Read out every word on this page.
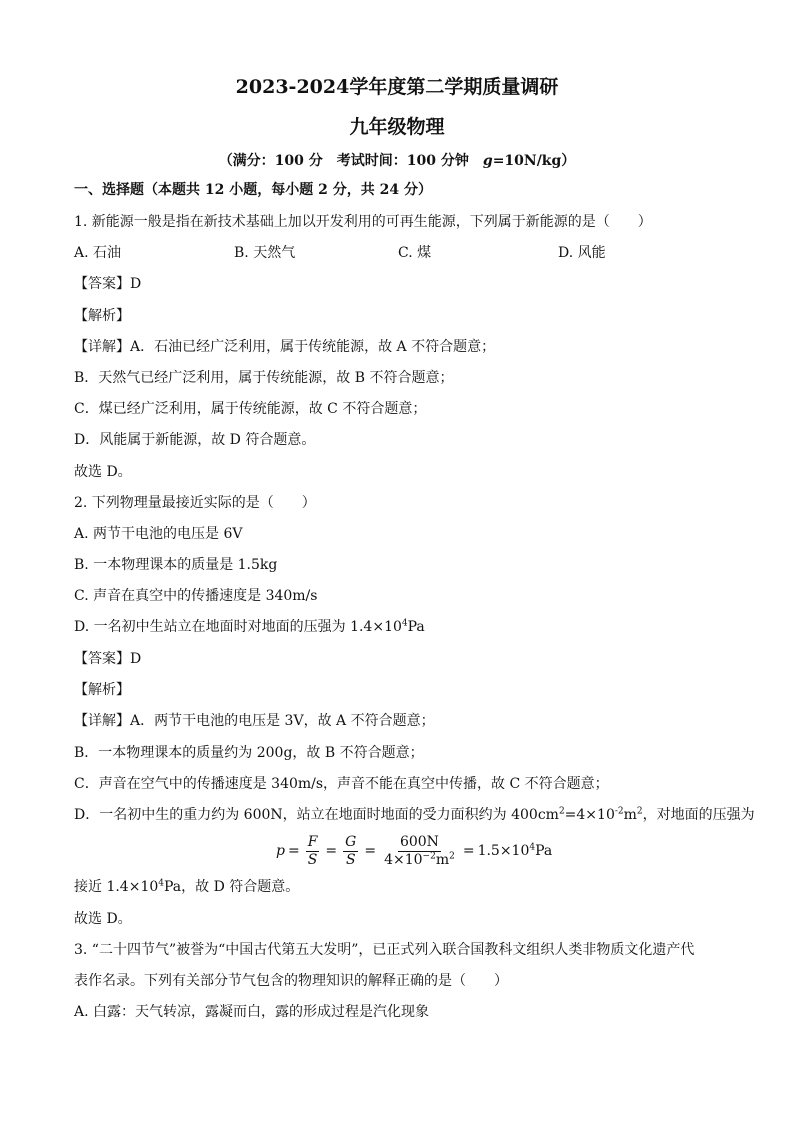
2023-2024学年度第二学期质量调研
九年级物理
（满分：100 分　考试时间：100 分钟　g=10N/kg）
一、选择题（本题共 12 小题，每小题 2 分，共 24 分）
1. 新能源一般是指在新技术基础上加以开发利用的可再生能源，下列属于新能源的是（　　）
A. 石油	B. 天然气	C. 煤	D. 风能
【答案】D
【解析】
【详解】A．石油已经广泛利用，属于传统能源，故 A 不符合题意；
B．天然气已经广泛利用，属于传统能源，故 B 不符合题意；
C．煤已经广泛利用，属于传统能源，故 C 不符合题意；
D．风能属于新能源，故 D 符合题意。
故选 D。
2. 下列物理量最接近实际的是（　　）
A. 两节干电池的电压是 6V
B. 一本物理课本的质量是 1.5kg
C. 声音在真空中的传播速度是 340m/s
D. 一名初中生站立在地面时对地面的压强为 $1.4\times 10^4Pa$
【答案】D
【解析】
【详解】A．两节干电池的电压是 3V，故 A 不符合题意；
B．一本物理课本的质量约为 200g，故 B 不符合题意；
C．声音在空气中的传播速度是 340m/s，声音不能在真空中传播，故 C 不符合题意；
D．一名初中生的重力约为 600N，站立在地面时地面的受力面积约为 $400cm^2=4\times 10^{-2}m^2$，对地面的压强为
$p = \frac{F}{S} = \frac{G}{S} = \frac{600N}{4\times 10^{-2}m^2} = 1.5\times 10^4Pa$
接近 $1.4\times 10^4Pa$，故 D 符合题意。
故选 D。
3. “二十四节气”被誉为“中国古代第五大发明”，已正式列入联合国教科文组织人类非物质文化遗产代
表作名录。下列有关部分节气包含的物理知识的解释正确的是（　　）
A. 白露：天气转凉，露凝而白，露的形成过程是汽化现象
